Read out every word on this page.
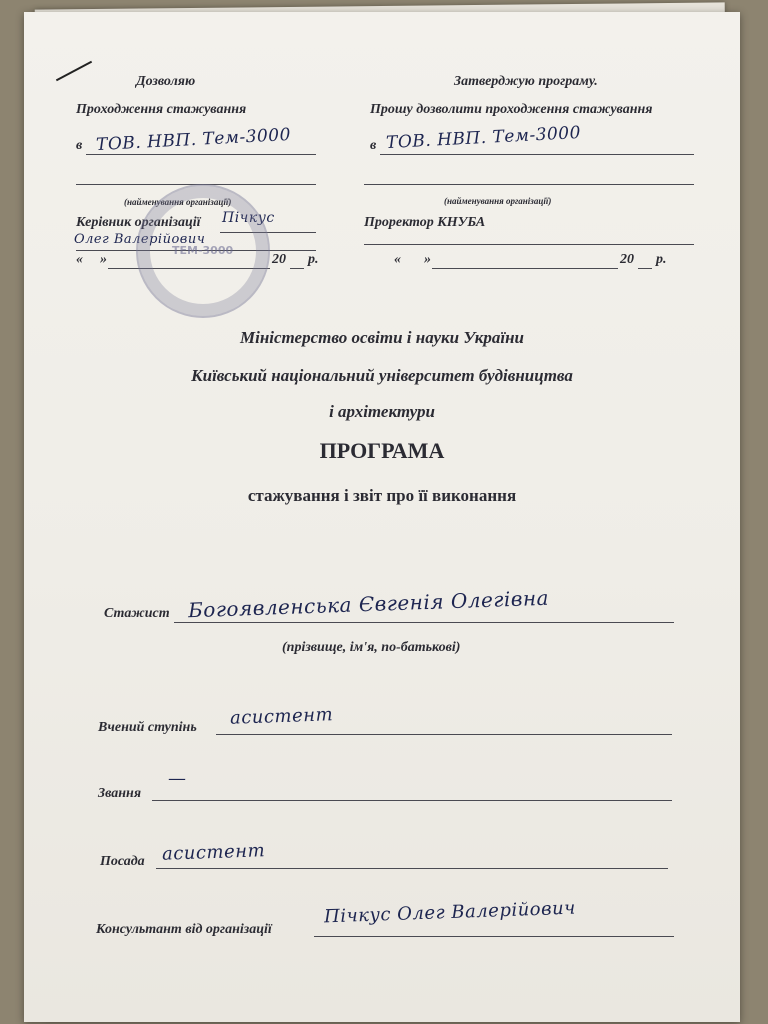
Дозволяю
Проходження стажування
в ТОВ. НВП. Тем-3000
(найменування організації)
Керівник організації Пічкус
Олег Валерійович
« »	20 р.
ТЕМ-3000
Затверджую програму.
Прошу дозволити проходження стажування
в ТОВ. НВП. Тем-3000
(найменування організації)
Проректор КНУБА
« »	20 р.
Міністерство освіти і науки України
Київський національний університет будівництва
і архітектури
ПРОГРАМА
стажування і звіт про її виконання
Стажист Богоявленська Євгенія Олегівна
(прізвище, ім'я, по-батькові)
Вчений ступінь асистент
Звання
—
Посада асистент
Консультант від організації
Пічкус Олег Валерійович
